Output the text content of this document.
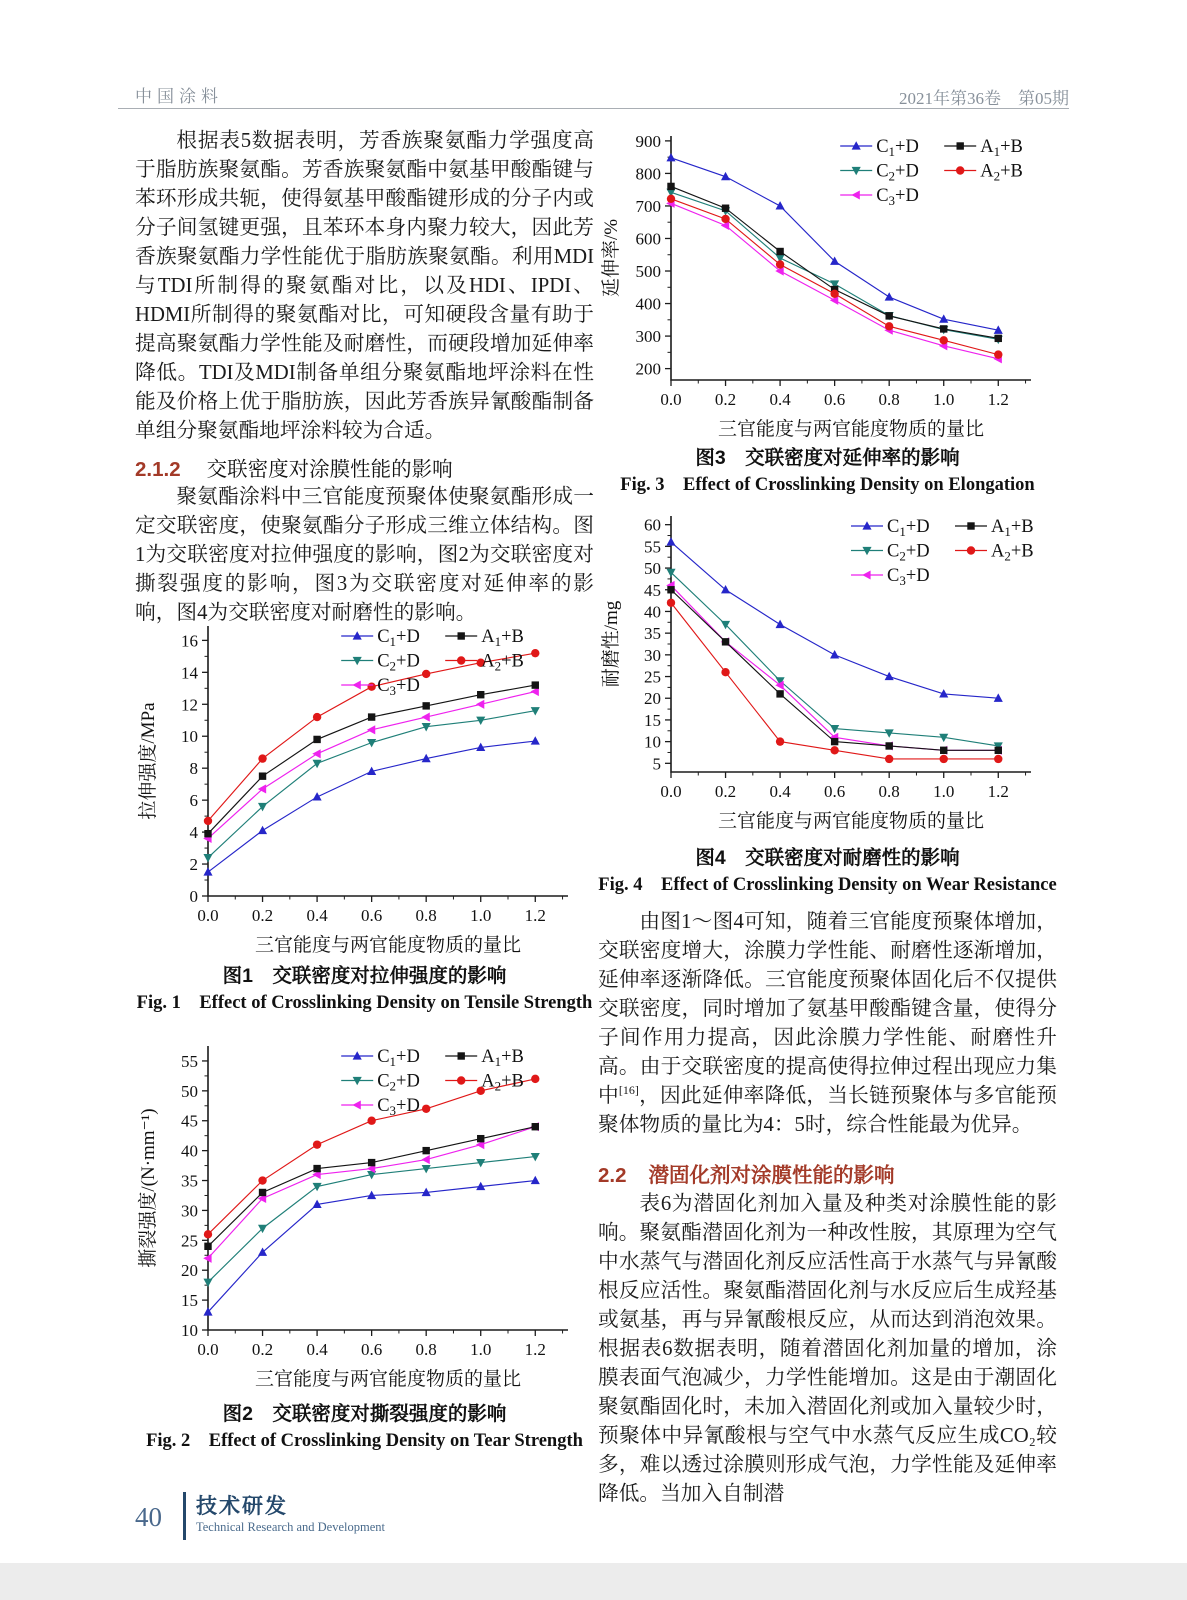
中国涂料	2021年第36卷　第05期
根据表5数据表明，芳香族聚氨酯力学强度高于脂肪族聚氨酯。芳香族聚氨酯中氨基甲酸酯键与苯环形成共轭，使得氨基甲酸酯键形成的分子内或分子间氢键更强，且苯环本身内聚力较大，因此芳香族聚氨酯力学性能优于脂肪族聚氨酯。利用MDI与TDI所制得的聚氨酯对比，以及HDI、IPDI、HDMI所制得的聚氨酯对比，可知硬段含量有助于提高聚氨酯力学性能及耐磨性，而硬段增加延伸率降低。TDI及MDI制备单组分聚氨酯地坪涂料在性能及价格上优于脂肪族，因此芳香族异氰酸酯制备单组分聚氨酯地坪涂料较为合适。
2.1.2 交联密度对涂膜性能的影响
聚氨酯涂料中三官能度预聚体使聚氨酯形成一定交联密度，使聚氨酯分子形成三维立体结构。图1为交联密度对拉伸强度的影响，图2为交联密度对撕裂强度的影响，图3为交联密度对延伸率的影响，图4为交联密度对耐磨性的影响。
0.0 0.2 0.4 0.6 0.8 1.0 1.2
0
2
4
6
8
10
12
14
16
三官能度与两官能度物质的量比
拉伸强度/MPa
$C_1+D$
$C_2+D$
$C_3+D$
$A_1+B$
$A_2+B$
图1　交联密度对拉伸强度的影响
Fig. 1　Effect of Crosslinking Density on Tensile Strength
0.0 0.2 0.4 0.6 0.8 1.0 1.2
10
15
20
25
30
35
40
45
50
55
三官能度与两官能度物质的量比
撕裂强度/(N·mm⁻¹)
$C_1+D$
$C_2+D$
$C_3+D$
$A_1+B$
$A_2+B$
图2　交联密度对撕裂强度的影响
Fig. 2　Effect of Crosslinking Density on Tear Strength
0.0 0.2 0.4 0.6 0.8 1.0 1.2
200
300
400
500
600
700
800
900
三官能度与两官能度物质的量比
延伸率/%
$C_1+D$
$C_2+D$
$C_3+D$
$A_1+B$
$A_2+B$
图3　交联密度对延伸率的影响
Fig. 3　Effect of Crosslinking Density on Elongation
0.0 0.2 0.4 0.6 0.8 1.0 1.2
5
10
15
20
25
30
35
40
45
50
55
60
三官能度与两官能度物质的量比
耐磨性/mg
$C_1+D$
$C_2+D$
$C_3+D$
$A_1+B$
$A_2+B$
图4　交联密度对耐磨性的影响
Fig. 4　Effect of Crosslinking Density on Wear Resistance
由图1～图4可知，随着三官能度预聚体增加，交联密度增大，涂膜力学性能、耐磨性逐渐增加，延伸率逐渐降低。三官能度预聚体固化后不仅提供交联密度，同时增加了氨基甲酸酯键含量，使得分子间作用力提高，因此涂膜力学性能、耐磨性升高。由于交联密度的提高使得拉伸过程出现应力集中[16]，因此延伸率降低，当长链预聚体与多官能预聚体物质的量比为4：5时，综合性能最为优异。
2.2 潜固化剂对涂膜性能的影响
表6为潜固化剂加入量及种类对涂膜性能的影响。 聚氨酯潜固化剂为一种改性胺，其原理为空气中水蒸气与潜固化剂反应活性高于水蒸气与异氰酸根反应活性。聚氨酯潜固化剂与水反应后生成羟基或氨基，再与异氰酸根反应，从而达到消泡效果。根据表6数据表明，随着潜固化剂加量的增加，涂膜表面气泡减少，力学性能增加。这是由于潮固化聚氨酯固化时，未加入潜固化剂或加入量较少时，预聚体中异氰酸根与空气中水蒸气反应生成CO₂较多，难以透过涂膜则形成气泡，力学性能及延伸率降低。当加入自制潜
40 技术研发
Technical Research and Development
